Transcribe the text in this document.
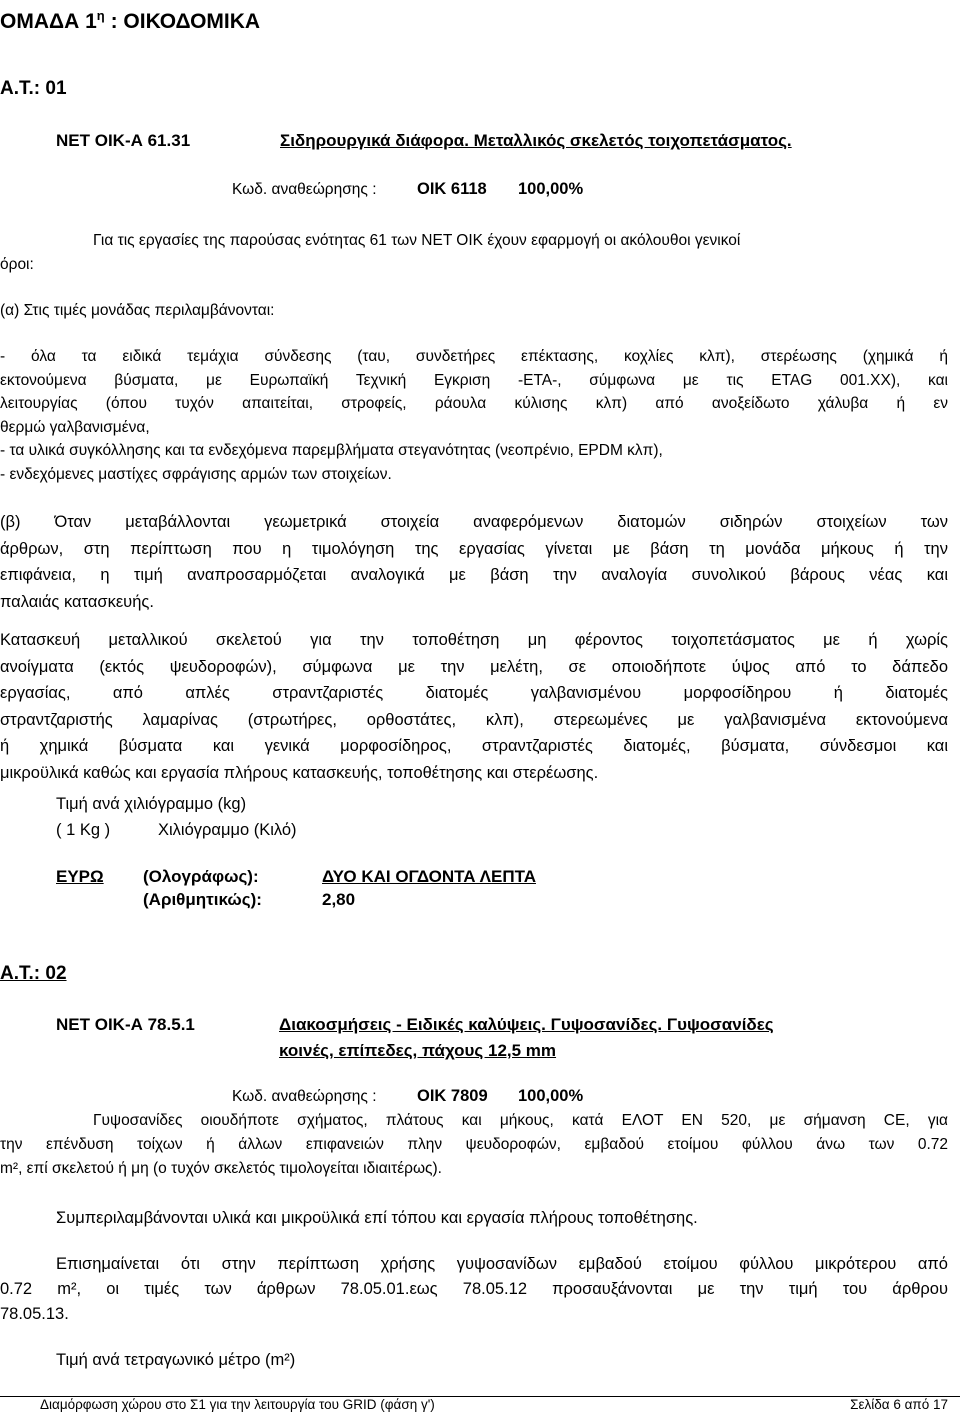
ΟΜΑΔΑ $1^\eta$ : ΟΙΚΟΔΟΜΙΚΑ
Α.Τ.: 01
ΝΕΤ ΟΙΚ-Α 61.31	Σιδηρουργικά διάφορα. Μεταλλικός σκελετός τοιχοπετάσματος.
Κωδ. αναθεώρησης : ΟΙΚ 6118 100,00%
Για τις εργασίες της παρούσας ενότητας 61 των ΝΕΤ ΟΙΚ έχουν εφαρμογή οι ακόλουθοι γενικοί
όροι:
(α) Στις τιμές μονάδας περιλαμβάνονται:
- όλα τα ειδικά τεμάχια σύνδεσης (ταυ, συνδετήρες επέκτασης, κοχλίες κλπ), στερέωσης (χημικά ή
εκτονούμενα βύσματα, με Ευρωπαϊκή Τεχνική Εγκριση -ΕΤΑ-, σύμφωνα με τις ETAG 001.XX), και
λειτουργίας (όπου τυχόν απαιτείται, στροφείς, ράουλα κύλισης κλπ) από ανοξείδωτο χάλυβα ή εν
θερμώ γαλβανισμένα,
- τα υλικά συγκόλλησης και τα ενδεχόμενα παρεμβλήματα στεγανότητας (νεοπρένιο, EPDM κλπ),
- ενδεχόμενες μαστίχες σφράγισης αρμών των στοιχείων.
(β) Όταν μεταβάλλονται γεωμετρικά στοιχεία αναφερόμενων διατομών σιδηρών στοιχείων των
άρθρων, στη περίπτωση που η τιμολόγηση της εργασίας γίνεται με βάση τη μονάδα μήκους ή την
επιφάνεια, η τιμή αναπροσαρμόζεται αναλογικά με βάση την αναλογία συνολικού βάρους νέας και
παλαιάς κατασκευής.
Κατασκευή μεταλλικού σκελετού για την τοποθέτηση μη φέροντος τοιχοπετάσματος με ή χωρίς
ανοίγματα (εκτός ψευδοροφών), σύμφωνα με την μελέτη, σε οποιοδήποτε ύψος από το δάπεδο
εργασίας, από απλές στραντζαριστές διατομές γαλβανισμένου μορφοσίδηρου ή διατομές
στραντζαριστής λαμαρίνας (στρωτήρες, ορθοστάτες, κλπ), στερεωμένες με γαλβανισμένα εκτονούμενα
ή χημικά βύσματα και γενικά μορφοσίδηρος, στραντζαριστές διατομές, βύσματα, σύνδεσμοι και
μικροϋλικά καθώς και εργασία πλήρους κατασκευής, τοποθέτησης και στερέωσης.
Τιμή ανά χιλιόγραμμο (kg)
( 1 Kg )	Χιλιόγραμμο (Κιλό)
ΕΥΡΩ (Ολογράφως):	ΔΥΟ ΚΑΙ ΟΓΔΟΝΤΑ ΛΕΠΤΑ
(Αριθμητικώς):	2,80
Α.Τ.: 02
ΝΕΤ ΟΙΚ-Α 78.5.1	Διακοσμήσεις - Ειδικές καλύψεις. Γυψοσανίδες. Γυψοσανίδες
κοινές, επίπεδες, πάχους 12,5 mm
Κωδ. αναθεώρησης : ΟΙΚ 7809 100,00%
Γυψοσανίδες οιουδήποτε σχήματος, πλάτους και μήκους, κατά ΕΛΟΤ ΕΝ 520, με σήμανση CE, για
την επένδυση τοίχων ή άλλων επιφανειών πλην ψευδοροφών, εμβαδού ετοίμου φύλλου άνω των 0.72
m², επί σκελετού ή μη (ο τυχόν σκελετός τιμολογείται ιδιαιτέρως).
Συμπεριλαμβάνονται υλικά και μικροϋλικά επί τόπου και εργασία πλήρους τοποθέτησης.
Επισημαίνεται ότι στην περίπτωση χρήσης γυψοσανίδων εμβαδού ετοίμου φύλλου μικρότερου από
0.72 m², οι τιμές των άρθρων 78.05.01.εως 78.05.12 προσαυξάνονται με την τιμή του άρθρου
78.05.13.
Τιμή ανά τετραγωνικό μέτρο (m²)
Διαμόρφωση χώρου στο Σ1 για την λειτουργία του GRID (φάση γ')	Σελίδα 6 από 17
